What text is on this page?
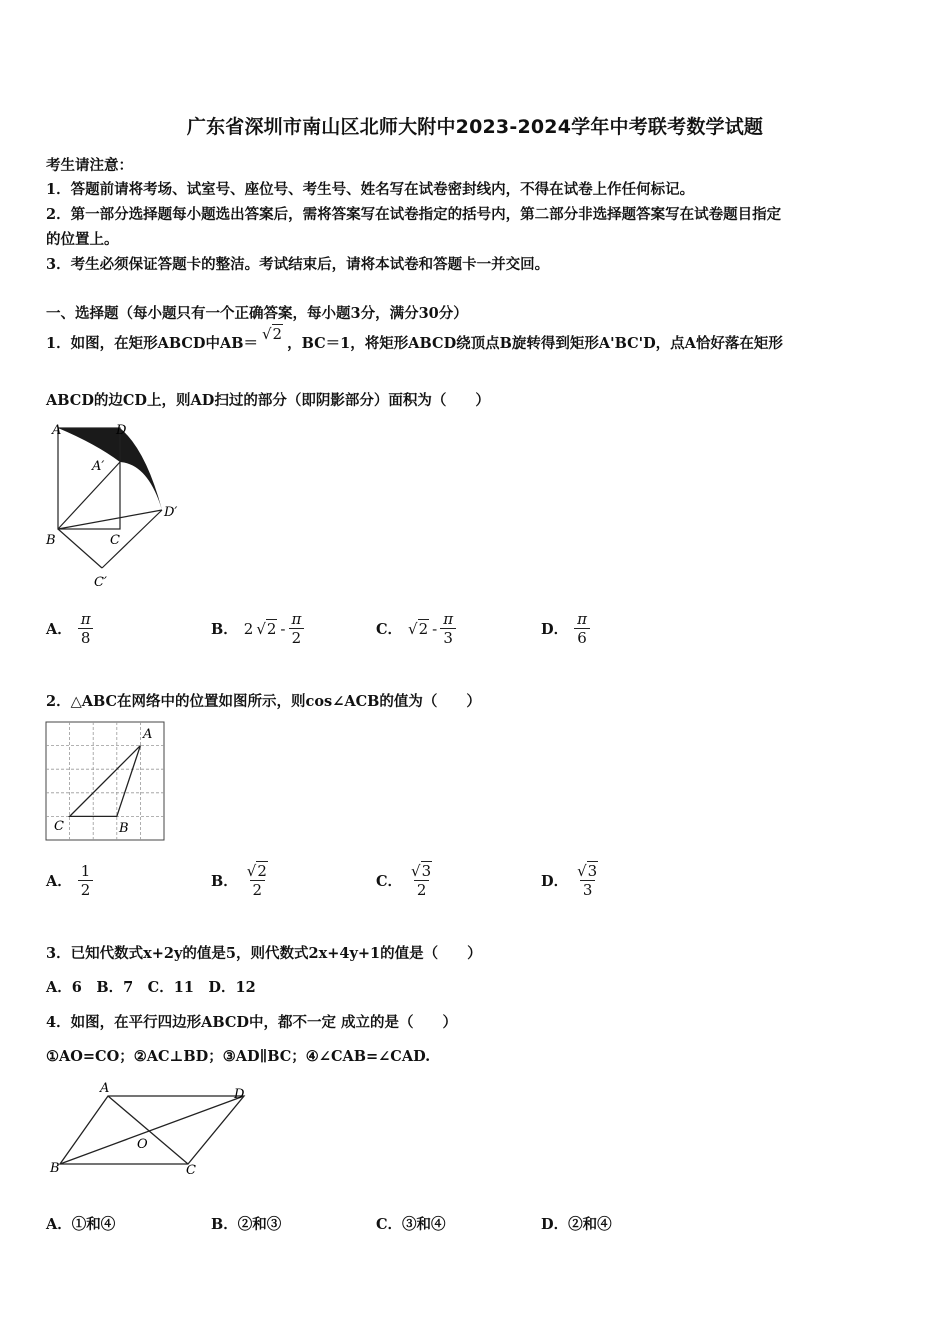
广东省深圳市南山区北师大附中2023-2024学年中考联考数学试题
考生请注意：
1．答题前请将考场、试室号、座位号、考生号、姓名写在试卷密封线内，不得在试卷上作任何标记。
2．第一部分选择题每小题选出答案后，需将答案写在试卷指定的括号内，第二部分非选择题答案写在试卷题目指定
的位置上。
3．考生必须保证答题卡的整洁。考试结束后，请将本试卷和答题卡一并交回。
一、选择题（每小题只有一个正确答案，每小题3分，满分30分）
1．如图，在矩形ABCD中AB＝
√2
，BC＝1，将矩形ABCD绕顶点B旋转得到矩形A'BC'D，点A恰好落在矩形
ABCD的边CD上，则AD扫过的部分（即阴影部分）面积为（　　）
A	D
A′
D′
B	C
C′
A． $\frac{\pi}{8}$	B． 2 $√2 - \frac{\pi}{2}$	C． $√2 - \frac{\pi}{3}$	D． $\frac{\pi}{6}$
2．△ABC在网络中的位置如图所示，则cos∠ACB的值为（　　）
A
B
C
A． $\frac{1}{2}$	B． $\frac{√2}{2}$	C． $\frac{√3}{2}$	D． $\frac{√3}{3}$
3．已知代数式x+2y的值是5，则代数式2x+4y+1的值是（　　）
A．6　B．7　C．11　D．12
4．如图，在平行四边形ABCD中，都不一定 成立的是（　　）
①AO=CO；②AC⊥BD；③AD∥BC；④∠CAB=∠CAD.
A	D
B	C
O
A．①和④	B．②和③	C．③和④	D．②和④
